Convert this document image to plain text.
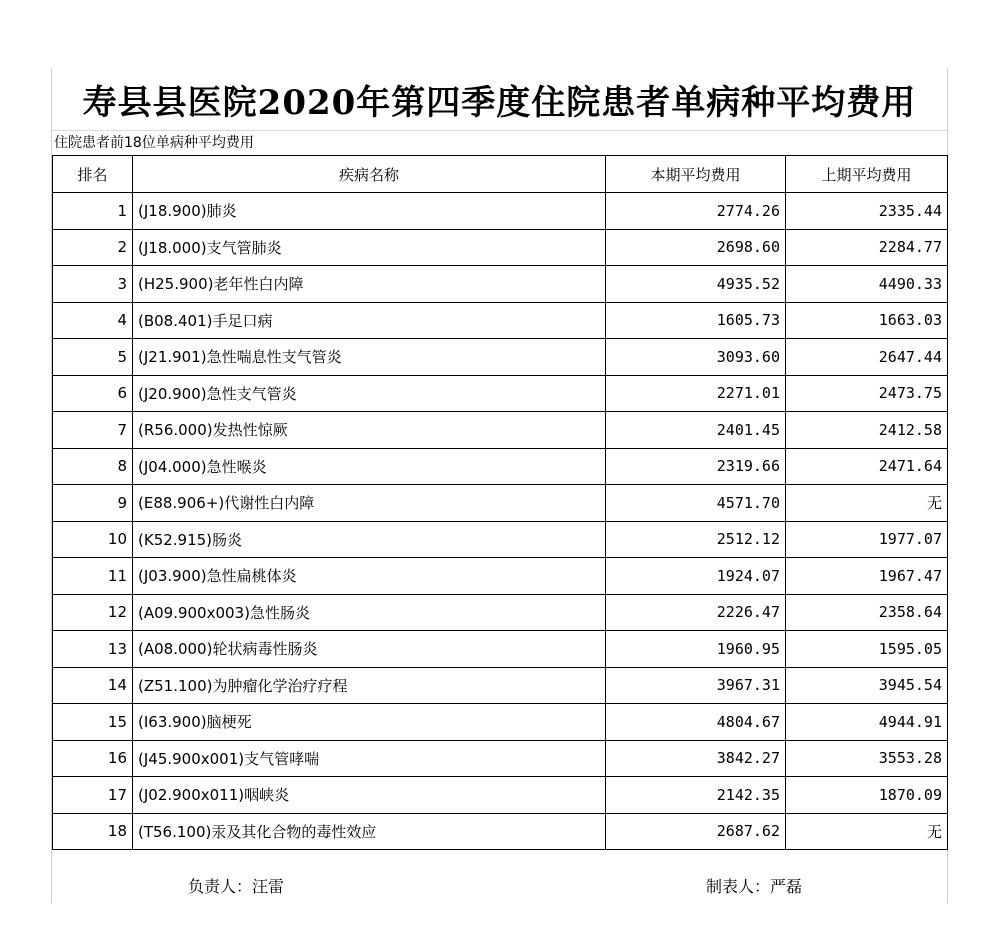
寿县县医院2020年第四季度住院患者单病种平均费用
住院患者前18位单病种平均费用
排名	疾病名称	本期平均费用	上期平均费用
1	(J18.900)肺炎	2774.26	2335.44
2	(J18.000)支气管肺炎	2698.60	2284.77
3	(H25.900)老年性白内障	4935.52	4490.33
4	(B08.401)手足口病	1605.73	1663.03
5	(J21.901)急性喘息性支气管炎	3093.60	2647.44
6	(J20.900)急性支气管炎	2271.01	2473.75
7	(R56.000)发热性惊厥	2401.45	2412.58
8	(J04.000)急性喉炎	2319.66	2471.64
9	(E88.906+)代谢性白内障	4571.70	无
10	(K52.915)肠炎	2512.12	1977.07
11	(J03.900)急性扁桃体炎	1924.07	1967.47
12	(A09.900x003)急性肠炎	2226.47	2358.64
13	(A08.000)轮状病毒性肠炎	1960.95	1595.05
14	(Z51.100)为肿瘤化学治疗疗程	3967.31	3945.54
15	(I63.900)脑梗死	4804.67	4944.91
16	(J45.900x001)支气管哮喘	3842.27	3553.28
17	(J02.900x011)咽峡炎	2142.35	1870.09
18	(T56.100)汞及其化合物的毒性效应	2687.62	无
负责人：汪雷	制表人：严磊
